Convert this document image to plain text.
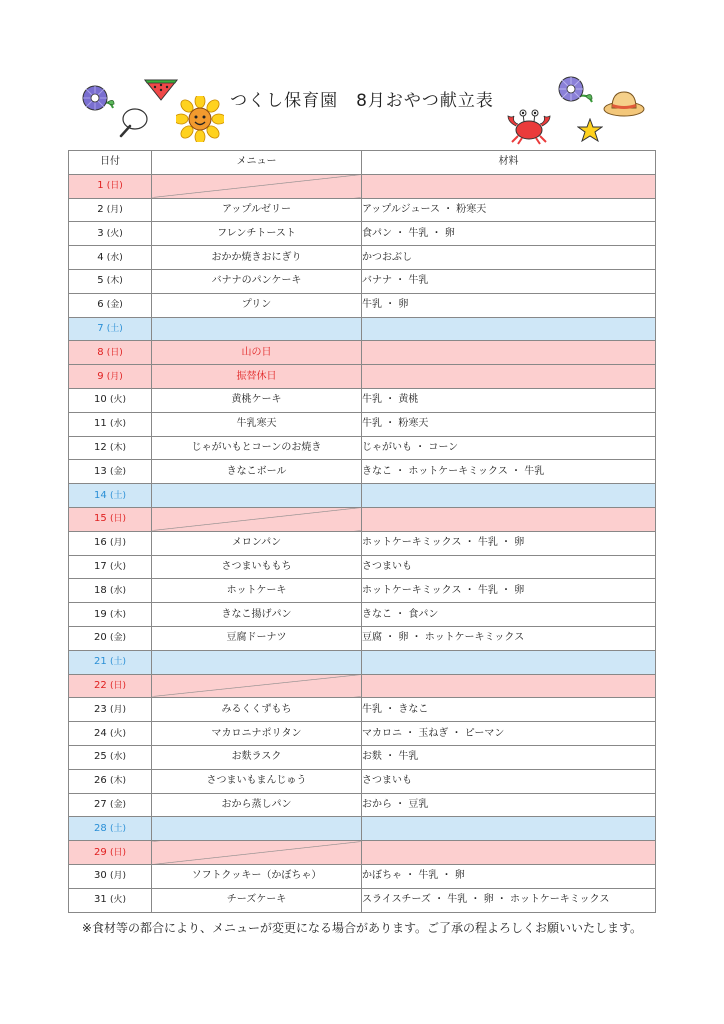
つくし保育園　8月おやつ献立表
日付	メニュー	材料
1 (日)		
2 (月)	アップルゼリー	アップルジュース ・ 粉寒天
3 (火)	フレンチトースト	食パン ・ 牛乳 ・ 卵
4 (水)	おかか焼きおにぎり	かつおぶし
5 (木)	バナナのパンケーキ	バナナ ・ 牛乳
6 (金)	プリン	牛乳 ・ 卵
7 (土)		
8 (日)	山の日	
9 (月)	振替休日	
10 (火)	黄桃ケーキ	牛乳 ・ 黄桃
11 (水)	牛乳寒天	牛乳 ・ 粉寒天
12 (木)	じゃがいもとコーンのお焼き	じゃがいも ・ コーン
13 (金)	きなこボール	きなこ ・ ホットケーキミックス ・ 牛乳
14 (土)		
15 (日)		
16 (月)	メロンパン	ホットケーキミックス ・ 牛乳 ・ 卵
17 (火)	さつまいももち	さつまいも
18 (水)	ホットケーキ	ホットケーキミックス ・ 牛乳 ・ 卵
19 (木)	きなこ揚げパン	きなこ ・ 食パン
20 (金)	豆腐ドーナツ	豆腐 ・ 卵 ・ ホットケーキミックス
21 (土)		
22 (日)		
23 (月)	みるくくずもち	牛乳 ・ きなこ
24 (火)	マカロニナポリタン	マカロニ ・ 玉ねぎ ・ ピーマン
25 (水)	お麩ラスク	お麩 ・ 牛乳
26 (木)	さつまいもまんじゅう	さつまいも
27 (金)	おから蒸しパン	おから ・ 豆乳
28 (土)		
29 (日)		
30 (月)	ソフトクッキー（かぼちゃ）	かぼちゃ ・ 牛乳 ・ 卵
31 (火)	チーズケーキ	スライスチーズ ・ 牛乳 ・ 卵 ・ ホットケーキミックス
※食材等の都合により、メニューが変更になる場合があります。ご了承の程よろしくお願いいたします。
